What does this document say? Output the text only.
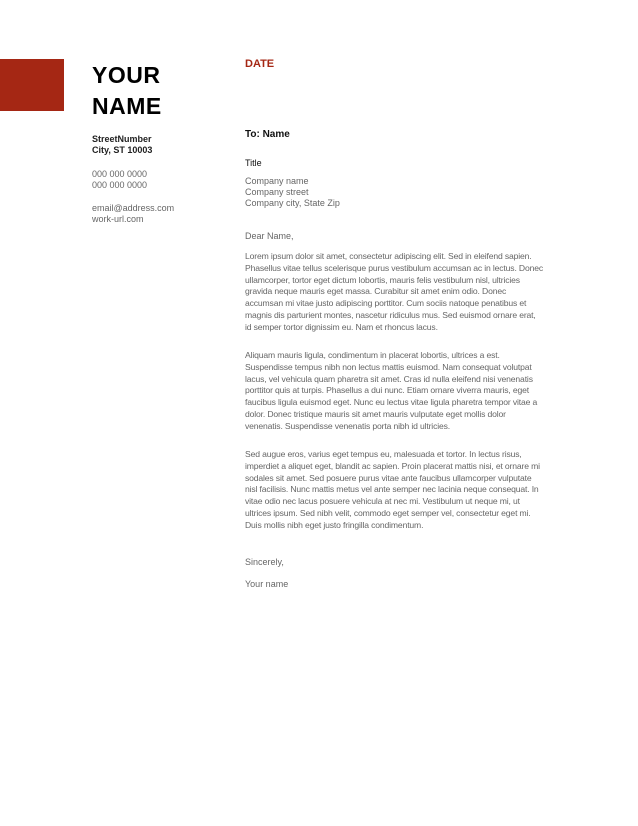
YOUR
NAME
StreetNumber
City, ST 10003
000 000 0000
000 000 0000
email@address.com
work-url.com
DATE
To: Name
Title
Company name
Company street
Company city, State Zip
Dear Name,
Lorem ipsum dolor sit amet, consectetur adipiscing elit. Sed in eleifend sapien.
Phasellus vitae tellus scelerisque purus vestibulum accumsan ac in lectus. Donec
ullamcorper, tortor eget dictum lobortis, mauris felis vestibulum nisl, ultricies
gravida neque mauris eget massa. Curabitur sit amet enim odio. Donec
accumsan mi vitae justo adipiscing porttitor. Cum sociis natoque penatibus et
magnis dis parturient montes, nascetur ridiculus mus. Sed euismod ornare erat,
id semper tortor dignissim eu. Nam et rhoncus lacus.
Aliquam mauris ligula, condimentum in placerat lobortis, ultrices a est.
Suspendisse tempus nibh non lectus mattis euismod. Nam consequat volutpat
lacus, vel vehicula quam pharetra sit amet. Cras id nulla eleifend nisi venenatis
porttitor quis at turpis. Phasellus a dui nunc. Etiam ornare viverra mauris, eget
faucibus ligula euismod eget. Nunc eu lectus vitae ligula pharetra tempor vitae a
dolor. Donec tristique mauris sit amet mauris vulputate eget mollis dolor
venenatis. Suspendisse venenatis porta nibh id ultricies.
Sed augue eros, varius eget tempus eu, malesuada et tortor. In lectus risus,
imperdiet a aliquet eget, blandit ac sapien. Proin placerat mattis nisi, et ornare mi
sodales sit amet. Sed posuere purus vitae ante faucibus ullamcorper vulputate
nisl facilisis. Nunc mattis metus vel ante semper nec lacinia neque consequat. In
vitae odio nec lacus posuere vehicula at nec mi. Vestibulum ut neque mi, ut
ultrices ipsum. Sed nibh velit, commodo eget semper vel, consectetur eget mi.
Duis mollis nibh eget justo fringilla condimentum.
Sincerely,
Your name
